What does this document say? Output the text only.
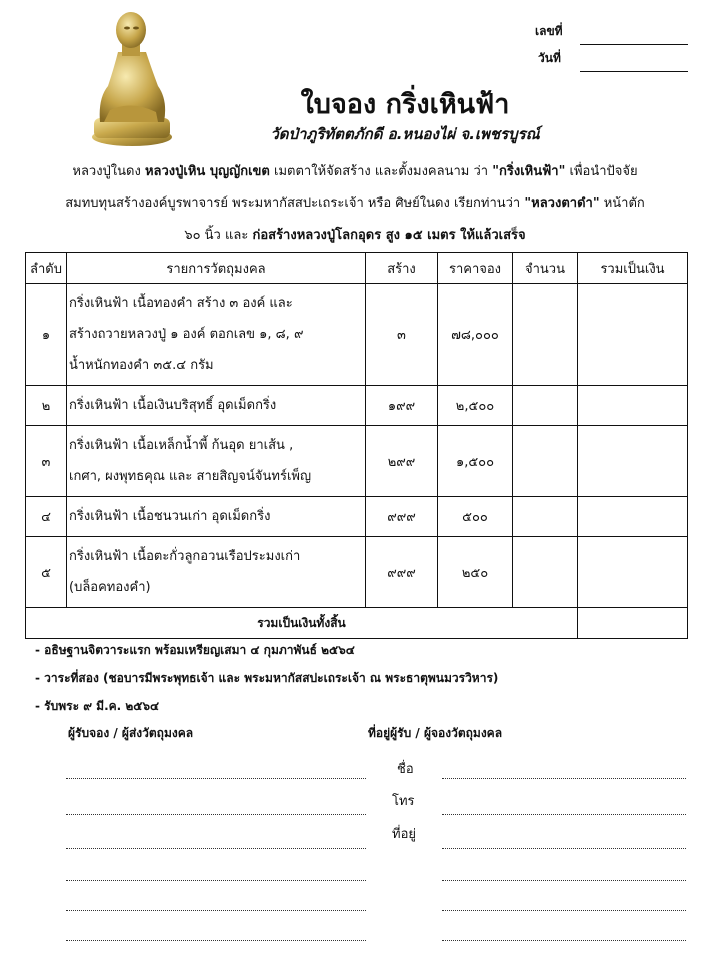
เลขที่
วันที่
ใบจอง กริ่งเหินฟ้า
วัดป่าภูริทัตตภักดี อ.หนองไผ่ จ.เพชรบูรณ์
หลวงปู่ในดง หลวงปู่เหิน บุญญักเขต เมตตาให้จัดสร้าง และตั้งมงคลนาม ว่า "กริ่งเหินฟ้า" เพื่อนำปัจจัย
สมทบทุนสร้างองค์บูรพาจารย์ พระมหากัสสปะเถระเจ้า หรือ ศิษย์ในดง เรียกท่านว่า "หลวงตาดำ" หน้าตัก
๖๐ นิ้ว และ ก่อสร้างหลวงปู่โลกอุดร สูง ๑๕ เมตร ให้แล้วเสร็จ
ลำดับ	รายการวัตถุมงคล	สร้าง	ราคาจอง	จำนวน	รวมเป็นเงิน
๑	กริ่งเหินฟ้า เนื้อทองคำ สร้าง ๓ องค์ และ
สร้างถวายหลวงปู่ ๑ องค์ ตอกเลข ๑, ๘, ๙
น้ำหนักทองคำ ๓๕.๔ กรัม	๓	๗๘,๐๐๐		
๒	กริ่งเหินฟ้า เนื้อเงินบริสุทธิ์ อุดเม็ดกริ่ง	๑๙๙	๒,๕๐๐		
๓	กริ่งเหินฟ้า เนื้อเหล็กน้ำพี้ ก้นอุด ยาเส้น ,
เกศา, ผงพุทธคุณ และ สายสิญจน์จันทร์เพ็ญ	๒๙๙	๑,๕๐๐		
๔	กริ่งเหินฟ้า เนื้อชนวนเก่า อุดเม็ดกริ่ง	๙๙๙	๕๐๐		
๕	กริ่งเหินฟ้า เนื้อตะกั่วลูกอวนเรือประมงเก่า
(บล็อคทองคำ)	๙๙๙	๒๕๐		
รวมเป็นเงินทั้งสิ้น					
- อธิษฐานจิตวาระแรก พร้อมเหรียญเสมา ๔ กุมภาพันธ์ ๒๕๖๔
- วาระที่สอง (ชอบารมีพระพุทธเจ้า และ พระมหากัสสปะเถระเจ้า ณ พระธาตุพนมวรวิหาร)
- รับพระ ๙ มี.ค. ๒๕๖๔
ผู้รับจอง / ผู้ส่งวัตถุมงคล	ที่อยู่ผู้รับ / ผู้จองวัตถุมงคล
ชื่อ
โทร
ที่อยู่
